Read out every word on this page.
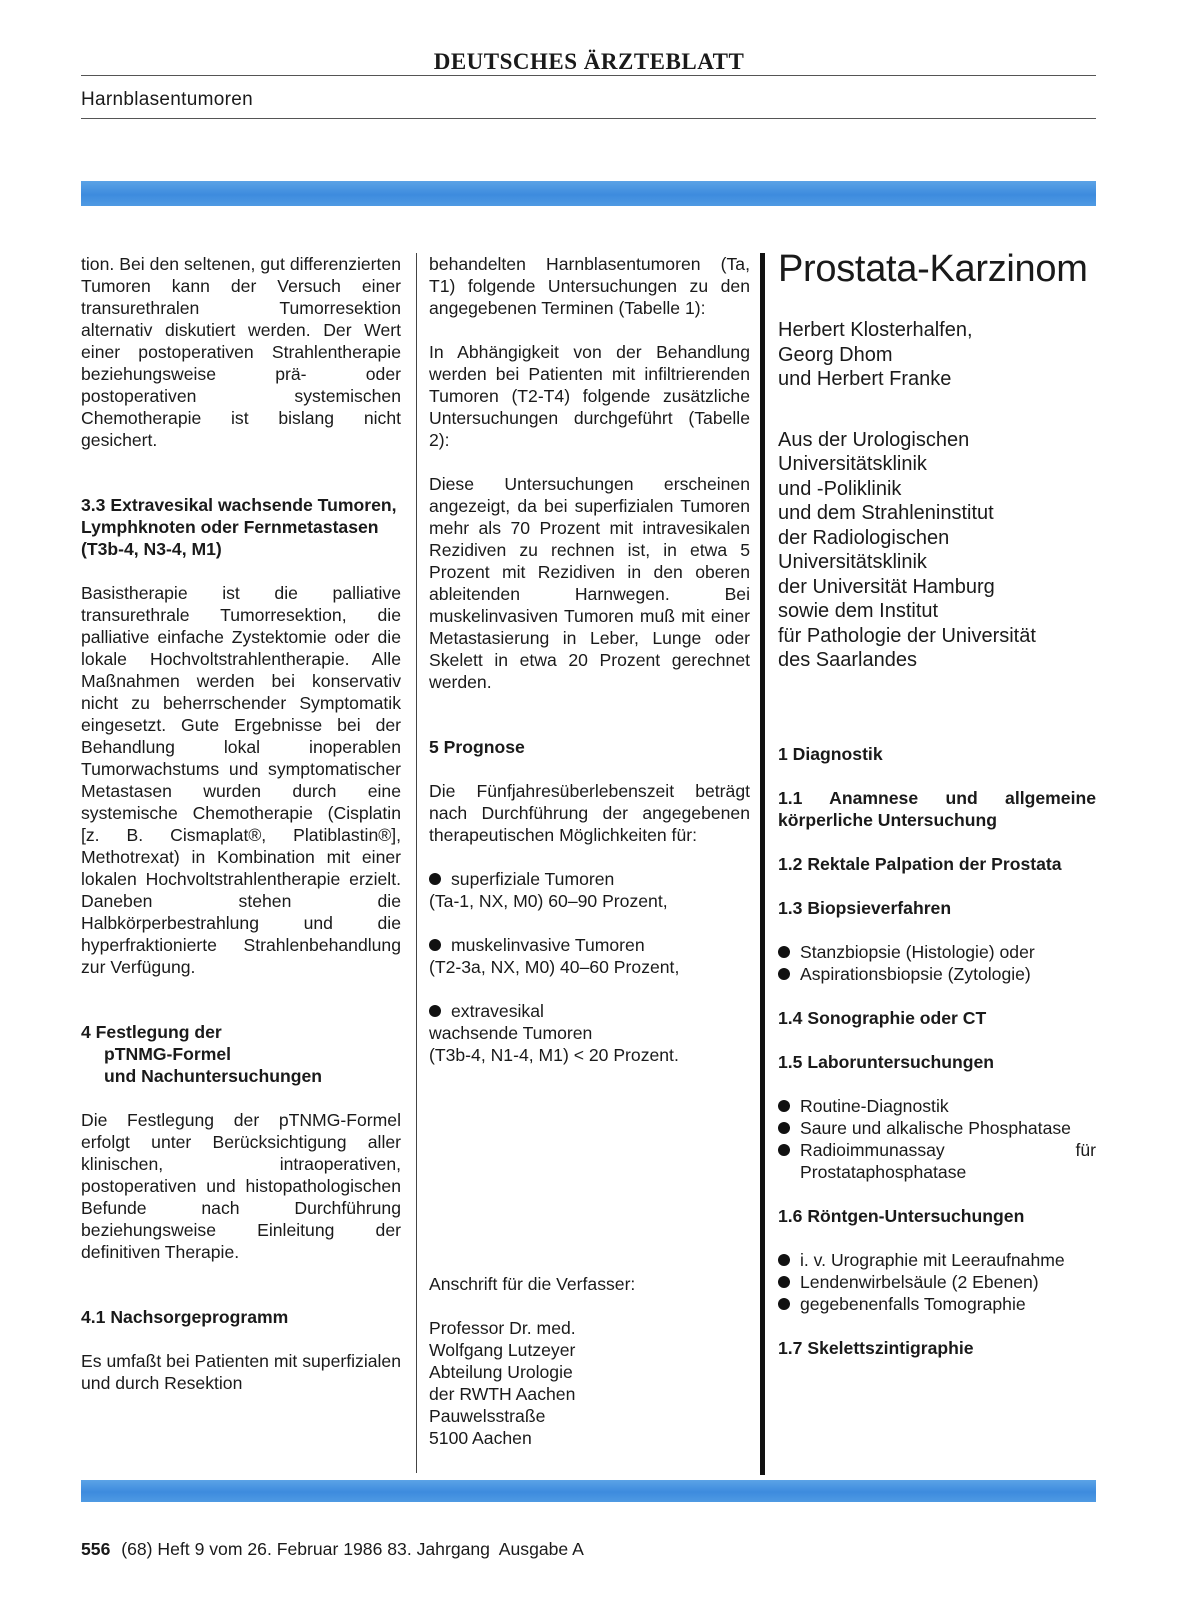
DEUTSCHES ÄRZTEBLATT
Harnblasentumoren

tion. Bei den seltenen, gut differenzierten Tumoren kann der Versuch einer transurethralen Tumorresektion alternativ diskutiert werden. Der Wert einer postoperativen Strahlentherapie beziehungsweise prä- oder postoperativen systemischen Chemotherapie ist bislang nicht gesichert.

3.3 Extravesikal wachsende Tumoren, Lymphknoten oder Fernmetastasen (T3b-4, N3-4, M1)

Basistherapie ist die palliative transurethrale Tumorresektion, die palliative einfache Zystektomie oder die lokale Hochvoltstrahlentherapie. Alle Maßnahmen werden bei konservativ nicht zu beherrschender Symptomatik eingesetzt. Gute Ergebnisse bei der Behandlung lokal inoperablen Tumorwachstums und symptomatischer Metastasen wurden durch eine systemische Chemotherapie (Cisplatin [z. B. Cismaplat®, Platiblastin®], Methotrexat) in Kombination mit einer lokalen Hochvoltstrahlentherapie erzielt. Daneben stehen die Halbkörperbestrahlung und die hyperfraktionierte Strahlenbehandlung zur Verfügung.

4 Festlegung der
pTNMG-Formel
und Nachuntersuchungen

Die Festlegung der pTNMG-Formel erfolgt unter Berücksichtigung aller klinischen, intraoperativen, postoperativen und histopathologischen Befunde nach Durchführung beziehungsweise Einleitung der definitiven Therapie.

4.1 Nachsorgeprogramm

Es umfaßt bei Patienten mit superfizialen und durch Resektion

behandelten Harnblasentumoren (Ta, T1) folgende Untersuchungen zu den angegebenen Terminen (Tabelle 1):

In Abhängigkeit von der Behandlung werden bei Patienten mit infiltrierenden Tumoren (T2-T4) folgende zusätzliche Untersuchungen durchgeführt (Tabelle 2):

Diese Untersuchungen erscheinen angezeigt, da bei superfizialen Tumoren mehr als 70 Prozent mit intravesikalen Rezidiven zu rechnen ist, in etwa 5 Prozent mit Rezidiven in den oberen ableitenden Harnwegen. Bei muskelinvasiven Tumoren muß mit einer Metastasierung in Leber, Lunge oder Skelett in etwa 20 Prozent gerechnet werden.

5 Prognose

Die Fünfjahresüberlebenszeit beträgt nach Durchführung der angegebenen therapeutischen Möglichkeiten für:

superfiziale Tumoren
(Ta-1, NX, M0) 60–90 Prozent,
muskelinvasive Tumoren
(T2-3a, NX, M0) 40–60 Prozent,
extravesikal
wachsende Tumoren
(T3b-4, N1-4, M1) < 20 Prozent.
Anschrift für die Verfasser:
Professor Dr. med.
Wolfgang Lutzeyer
Abteilung Urologie
der RWTH Aachen
Pauwelsstraße
5100 Aachen
Prostata-Karzinom
Herbert Klosterhalfen,
Georg Dhom
und Herbert Franke
Aus der Urologischen
Universitätsklinik
und -Poliklinik
und dem Strahleninstitut
der Radiologischen
Universitätsklinik
der Universität Hamburg
sowie dem Institut
für Pathologie der Universität
des Saarlandes

1 Diagnostik

1.1 Anamnese und allgemeine körperliche Untersuchung

1.2 Rektale Palpation der Prostata

1.3 Biopsieverfahren

Stanzbiopsie (Histologie) oder
Aspirationsbiopsie (Zytologie)

1.4 Sonographie oder CT

1.5 Laboruntersuchungen

Routine-Diagnostik
Saure und alkalische Phosphatase
Radioimmunassay für Prostataphosphatase

1.6 Röntgen-Untersuchungen

i. v. Urographie mit Leeraufnahme
Lendenwirbelsäule (2 Ebenen)
gegebenenfalls Tomographie

1.7 Skelettszintigraphie

556 (68) Heft 9 vom 26. Februar 1986 83. Jahrgang  Ausgabe A
